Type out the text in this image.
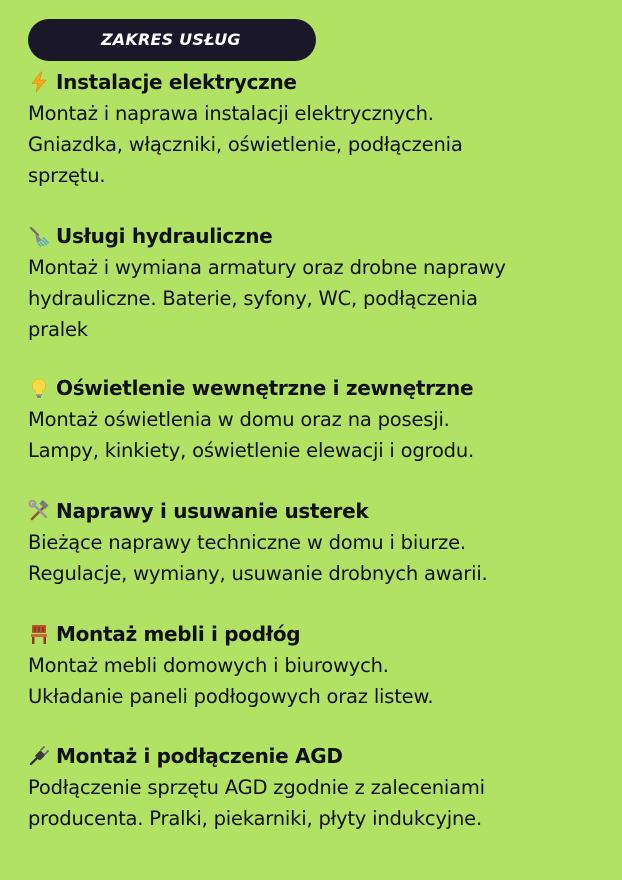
ZAKRES USŁUG
Instalacje elektryczne
Montaż i naprawa instalacji elektrycznych.
Gniazdka, włączniki, oświetlenie, podłączenia
sprzętu.
Usługi hydrauliczne
Montaż i wymiana armatury oraz drobne naprawy
hydrauliczne. Baterie, syfony, WC, podłączenia
pralek
Oświetlenie wewnętrzne i zewnętrzne
Montaż oświetlenia w domu oraz na posesji.
Lampy, kinkiety, oświetlenie elewacji i ogrodu.
Naprawy i usuwanie usterek
Bieżące naprawy techniczne w domu i biurze.
Regulacje, wymiany, usuwanie drobnych awarii.
Montaż mebli i podłóg
Montaż mebli domowych i biurowych.
Układanie paneli podłogowych oraz listew.
Montaż i podłączenie AGD
Podłączenie sprzętu AGD zgodnie z zaleceniami
producenta. Pralki, piekarniki, płyty indukcyjne.
